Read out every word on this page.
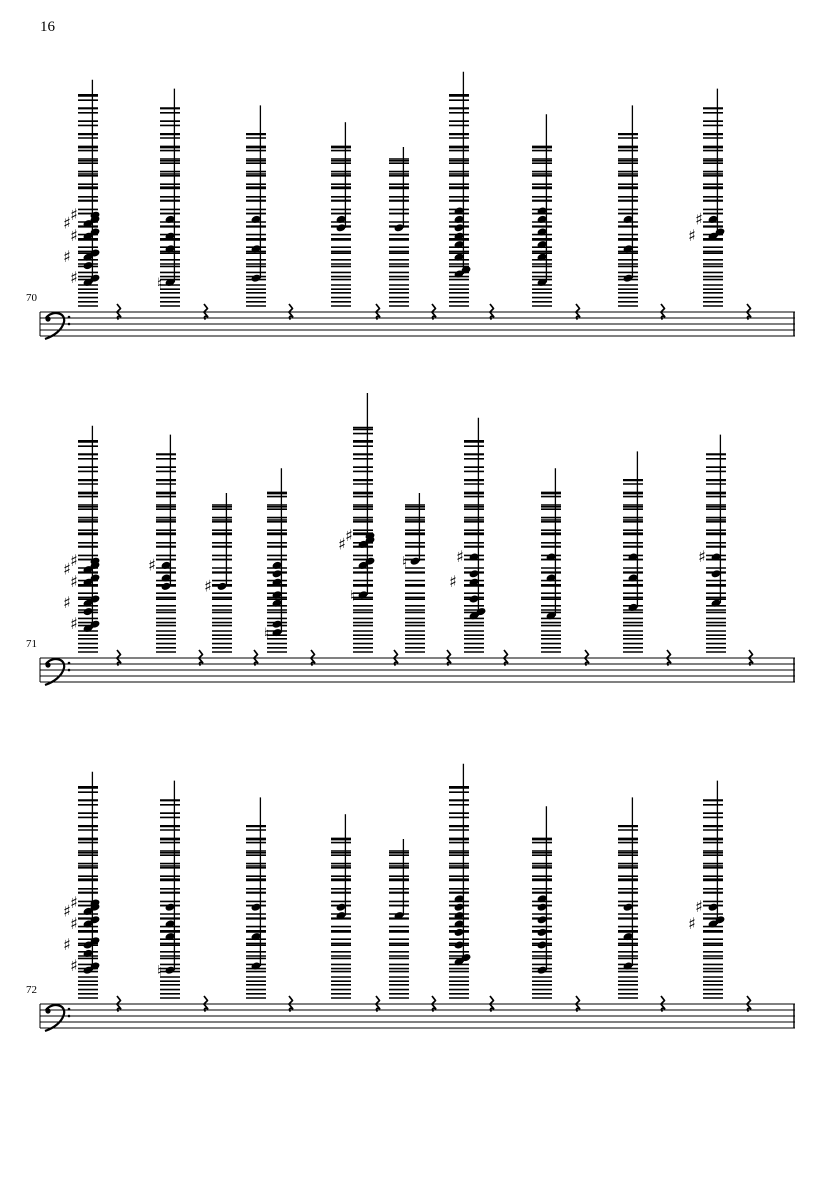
16
70
♯
♯
♯
♯
♯	♮
♯
♯
71
♯
♯
♯
♯
♯
♯
♯
♮
♯
♯
♮
♮	♯
♯
♯
72
♯
♯
♯
♯
♯	♮
♯
♯
